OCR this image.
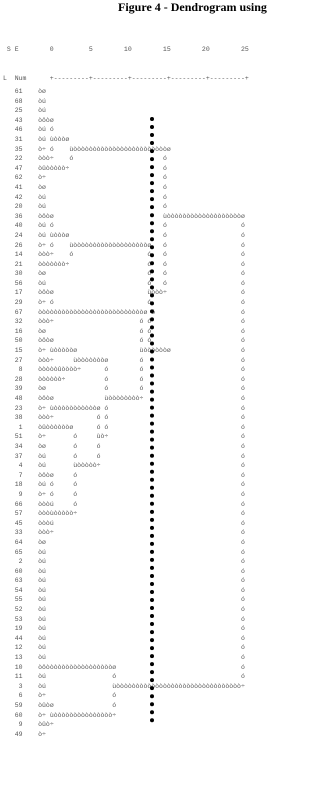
Figure 4 - Dendrogram using

S E        0         5        10        15        20        25

L  Num      +---------+---------+---------+---------+---------+

61 òø
68 òú
25 òú
43 òôòø
46 òú ó
31 òú ùòòòø
35 ò÷ ó    ùòòòòòòòòòòòòòòòòòòòòòòòòø
22 òòò÷    ó                       ó
47 òûòòòòò÷                        ó
62 ò÷                              ó
41 òø                              ó
42 òú                              ó
20 òú                              ó
36 òôòø                            ùòòòòòòòòòòòòòòòòòòòø
40 òú ó                            ó                   ó
24 òú ùòòòø                        ó                   ó
26 ò÷ ó    ùòòòòòòòòòòòòòòòòòòòø   ó                   ó
14 òòò÷    ó                   ó   ó                   ó
21 òòòòòòò÷                    ó   ó                   ó
30 òø                          ó   ó                   ó
56 òú                          ó   ó                   ó
17 òôòø                        ùòòò÷                   ó
29 ò÷ ó                        ó                       ó
67 òòòòòòòòòòòòòòòòòòòòòòòòòòòø ó                      ó
32 òòò÷                      ó ó                       ó
16 òø                        ó ó                       ó
50 òôòø                      ó ó                       ó
15 ò÷ ùòòòòòø                ùòòòòòòø                  ó
27 òòò÷     ùòòòòòòòø        ó                         ó
8 òòòòòûòòòò÷      ó        ó                         ó
28 òòòòòò÷          ó        ó                         ó
39 òø               ó        ó                         ó
48 òôòø             ùòòòòòòòò÷                         ó
23 ò÷ ùòòòòòòòòòòòø ó                                  ó
38 òòò÷           ó ó                                  ó
1 òûòòòòòòø      ó ó                                  ó
51 ò÷       ó     ùò÷                                  ó
34 òø       ó     ó                                    ó
37 òú       ó     ó                                    ó
4 òú       ùòòòòò÷                                    ó
7 òôòø     ó                                          ó
18 òú ó     ó                                          ó
9 ò÷ ó     ó                                          ó
66 òòòú     ó                                          ó
57 òòòùòòòòò÷                                          ó
45 òòòú                                                ó
33 òòò÷                                                ó
64 òø                                                  ó
65 òú                                                  ó
2 òú                                                  ó
60 òú                                                  ó
63 òú                                                  ó
54 òú                                                  ó
55 òú                                                  ó
52 òú                                                  ó
53 òú                                                  ó
19 òú                                                  ó
44 òú                                                  ó
12 òú                                                  ó
13 òú                                                  ó
10 òôòòòòòòòòòòòòòòòòòø                                ó
11 òú                 ó                                ó
3 òú                 ùòòòòòòòòòòòòòòòòòòòòòòòòòòòòòòòò÷
6 ò÷                 ó
59 òûòø               ó
60 ò÷ ùòòòòòòòòòòòòòòò÷
9 òûò÷
49 ò÷
